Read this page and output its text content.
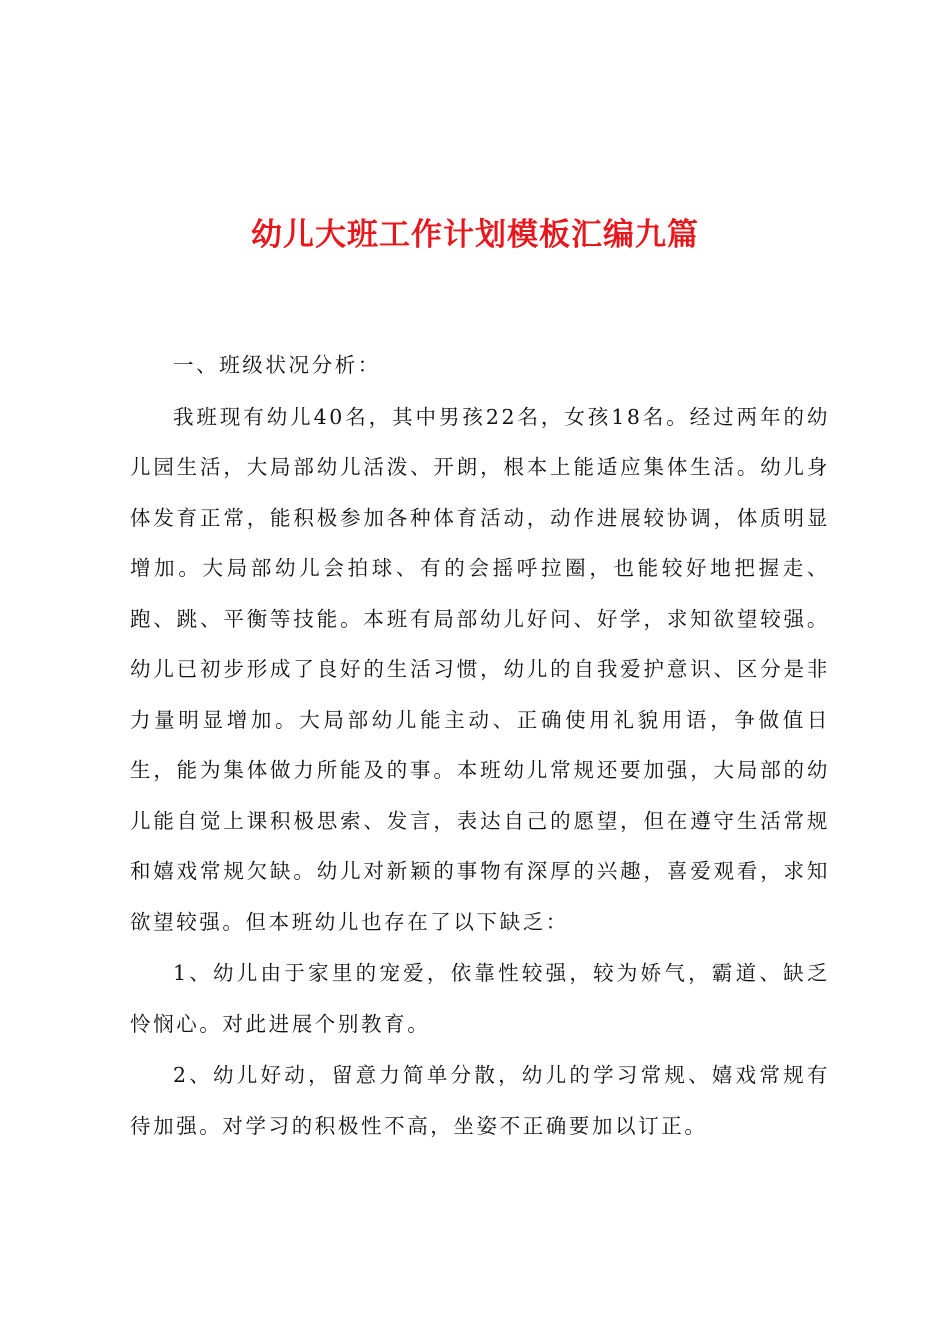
幼儿大班工作计划模板汇编九篇

一、班级状况分析：

我班现有幼儿40名，其中男孩22名，女孩18名。经过两年的幼儿园生活，大局部幼儿活泼、开朗，根本上能适应集体生活。幼儿身体发育正常，能积极参加各种体育活动，动作进展较协调，体质明显增加。大局部幼儿会拍球、有的会摇呼拉圈，也能较好地把握走、跑、跳、平衡等技能。本班有局部幼儿好问、好学，求知欲望较强。幼儿已初步形成了良好的生活习惯，幼儿的自我爱护意识、区分是非力量明显增加。大局部幼儿能主动、正确使用礼貌用语，争做值日生，能为集体做力所能及的事。本班幼儿常规还要加强，大局部的幼儿能自觉上课积极思索、发言，表达自己的愿望，但在遵守生活常规和嬉戏常规欠缺。幼儿对新颖的事物有深厚的兴趣，喜爱观看，求知欲望较强。但本班幼儿也存在了以下缺乏：

1、幼儿由于家里的宠爱，依靠性较强，较为娇气，霸道、缺乏怜悯心。对此进展个别教育。

2、幼儿好动，留意力简单分散，幼儿的学习常规、嬉戏常规有待加强。对学习的积极性不高，坐姿不正确要加以订正。
